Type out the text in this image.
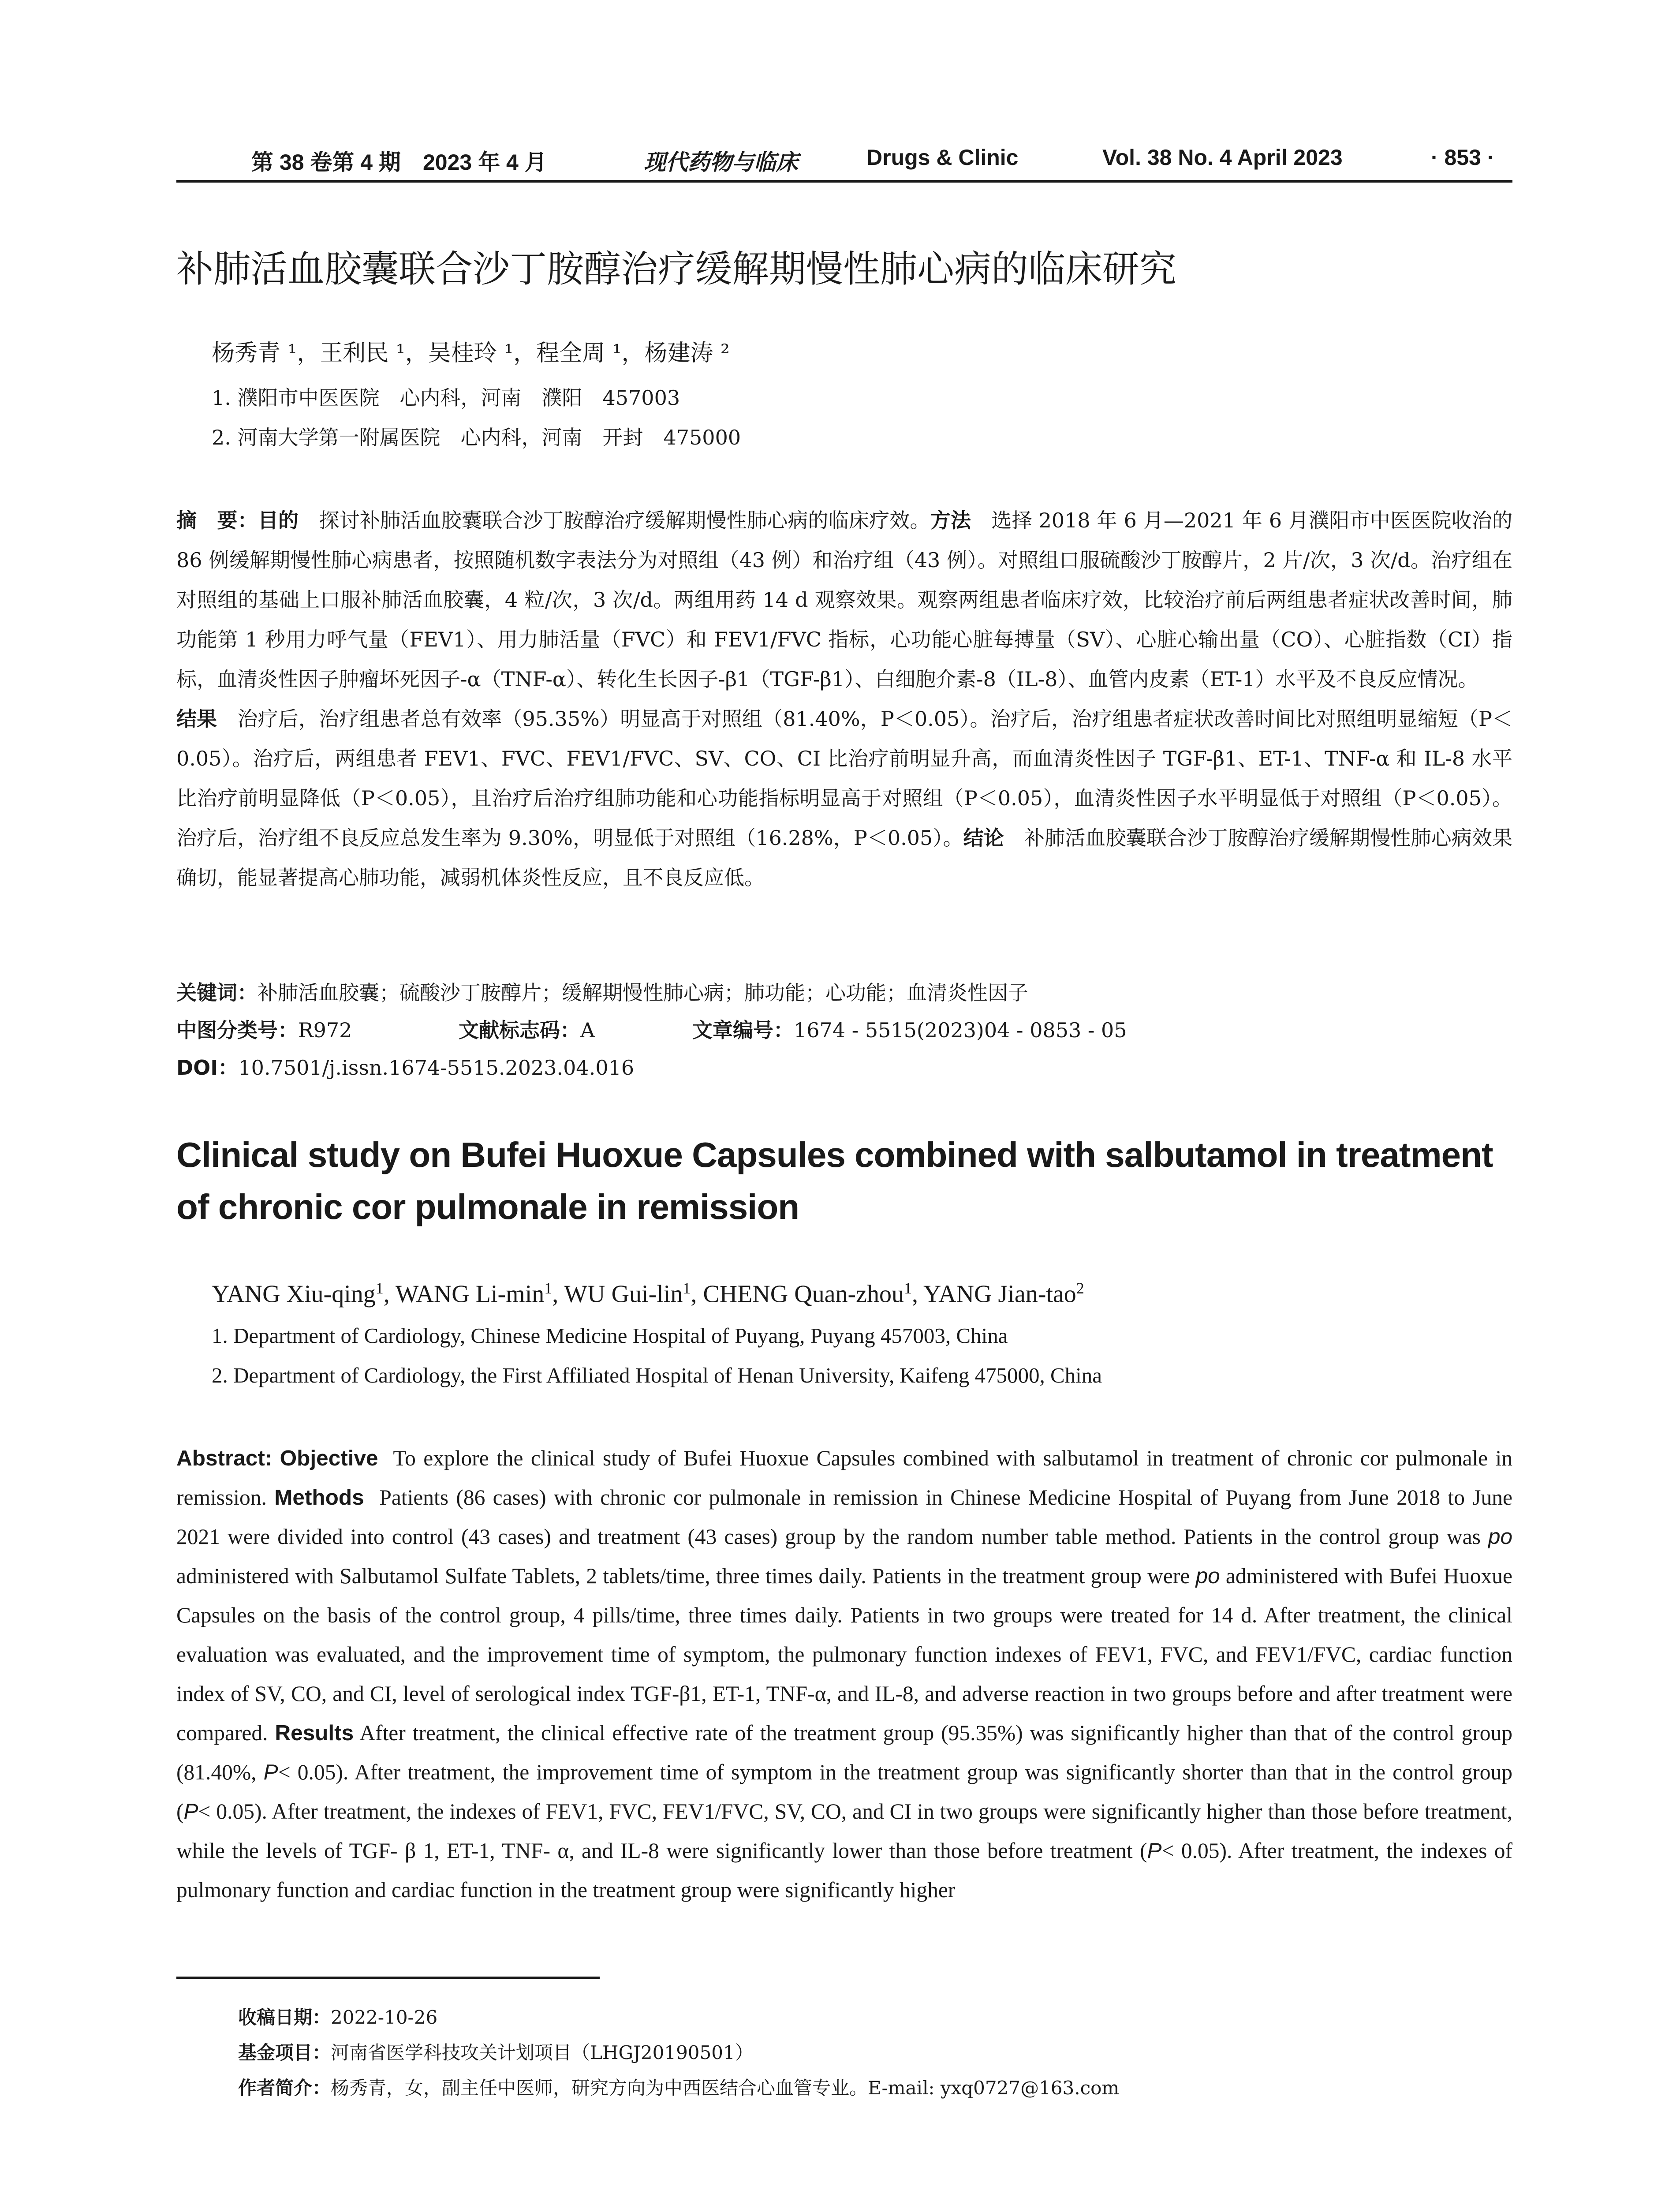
第 38 卷第 4 期　2023 年 4 月	现代药物与临床	Drugs & Clinic	Vol. 38 No. 4 April 2023	· 853 ·
补肺活血胶囊联合沙丁胺醇治疗缓解期慢性肺心病的临床研究
杨秀青 ¹，王利民 ¹，吴桂玲 ¹，程全周 ¹，杨建涛 ²
1. 濮阳市中医医院　心内科，河南　濮阳　457003
2. 河南大学第一附属医院　心内科，河南　开封　475000
摘　要：目的　探讨补肺活血胶囊联合沙丁胺醇治疗缓解期慢性肺心病的临床疗效。方法　选择 2018 年 6 月—2021 年 6 月濮阳市中医医院收治的 86 例缓解期慢性肺心病患者，按照随机数字表法分为对照组（43 例）和治疗组（43 例）。对照组口服硫酸沙丁胺醇片，2 片/次，3 次/d。治疗组在对照组的基础上口服补肺活血胶囊，4 粒/次，3 次/d。两组用药 14 d 观察效果。观察两组患者临床疗效，比较治疗前后两组患者症状改善时间，肺功能第 1 秒用力呼气量（FEV1）、用力肺活量（FVC）和 FEV1/FVC 指标，心功能心脏每搏量（SV）、心脏心输出量（CO）、心脏指数（CI）指标，血清炎性因子肿瘤坏死因子-α（TNF-α）、转化生长因子-β1（TGF-β1）、白细胞介素-8（IL-8）、血管内皮素（ET-1）水平及不良反应情况。
结果　治疗后，治疗组患者总有效率（95.35%）明显高于对照组（81.40%，P＜0.05）。治疗后，治疗组患者症状改善时间比对照组明显缩短（P＜0.05）。治疗后，两组患者 FEV1、FVC、FEV1/FVC、SV、CO、CI 比治疗前明显升高，而血清炎性因子 TGF-β1、ET-1、TNF-α 和 IL-8 水平比治疗前明显降低（P＜0.05），且治疗后治疗组肺功能和心功能指标明显高于对照组（P＜0.05），血清炎性因子水平明显低于对照组（P＜0.05）。治疗后，治疗组不良反应总发生率为 9.30%，明显低于对照组（16.28%，P＜0.05）。结论　补肺活血胶囊联合沙丁胺醇治疗缓解期慢性肺心病效果确切，能显著提高心肺功能，减弱机体炎性反应，且不良反应低。
关键词：补肺活血胶囊；硫酸沙丁胺醇片；缓解期慢性肺心病；肺功能；心功能；血清炎性因子
中图分类号：R972	文献标志码：A	文章编号：1674 - 5515(2023)04 - 0853 - 05
DOI：10.7501/j.issn.1674-5515.2023.04.016
Clinical study on Bufei Huoxue Capsules combined with salbutamol in treatment of chronic cor pulmonale in remission
YANG Xiu-qing$^1$, WANG $Li-\min^1$, WU Gui-lin$^1$, CHENG Quan-zhou$^1$, YANG Jian-tao$^2$
1. Department of Cardiology, Chinese Medicine Hospital of Puyang, Puyang 457003, China
2. Department of Cardiology, the First Affiliated Hospital of Henan University, Kaifeng 475000, China
Abstract: Objective To explore the clinical study of Bufei Huoxue Capsules combined with salbutamol in treatment of chronic cor pulmonale in remission. Methods Patients (86 cases) with chronic cor pulmonale in remission in Chinese Medicine Hospital of Puyang from June 2018 to June 2021 were divided into control (43 cases) and treatment (43 cases) group by the random number table method. Patients in the control group was po administered with Salbutamol Sulfate Tablets, 2 tablets/time, three times daily. Patients in the treatment group were po administered with Bufei Huoxue Capsules on the basis of the control group, 4 pills/time, three times daily. Patients in two groups were treated for 14 d. After treatment, the clinical evaluation was evaluated, and the improvement time of symptom, the pulmonary function indexes of FEV1, FVC, and FEV1/FVC, cardiac function index of SV, CO, and CI, level of serological index TGF-β1, ET-1, TNF-α, and IL-8, and adverse reaction in two groups before and after treatment were compared. Results After treatment, the clinical effective rate of the treatment group (95.35%) was significantly higher than that of the control group (81.40%, P< 0.05). After treatment, the improvement time of symptom in the treatment group was significantly shorter than that in the control group (P< 0.05). After treatment, the indexes of FEV1, FVC, FEV1/FVC, SV, CO, and CI in two groups were significantly higher than those before treatment, while the levels of TGF- β 1, ET-1, TNF- α, and IL-8 were significantly lower than those before treatment (P< 0.05). After treatment, the indexes of pulmonary function and cardiac function in the treatment group were significantly higher
收稿日期：2022-10-26
基金项目：河南省医学科技攻关计划项目（LHGJ20190501）
作者简介：杨秀青，女，副主任中医师，研究方向为中西医结合心血管专业。E-mail: yxq0727@163.com
